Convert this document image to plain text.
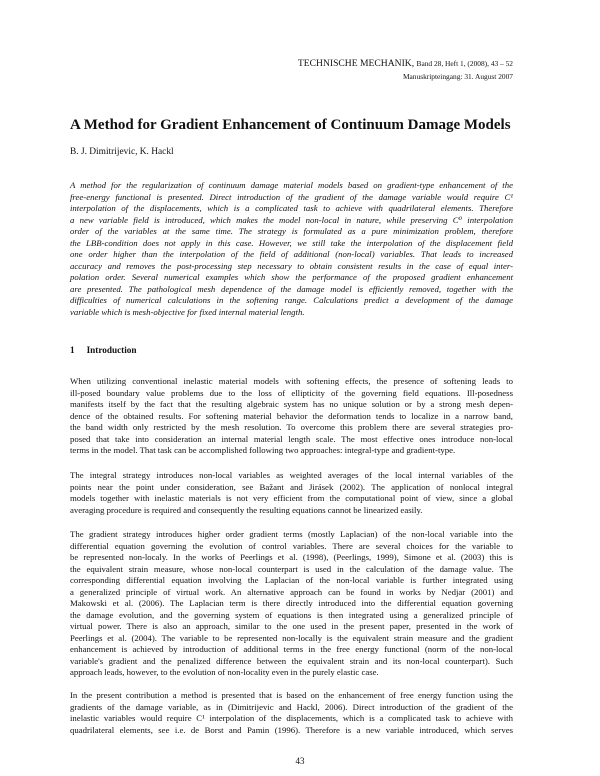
TECHNISCHE MECHANIK, Band 28, Heft 1, (2008), 43 – 52
Manuskripteingang: 31. August 2007
A Method for Gradient Enhancement of Continuum Damage Models
B. J. Dimitrijevic, K. Hackl
A method for the regularization of continuum damage material models based on gradient-type enhancement of the
free-energy functional is presented. Direct introduction of the gradient of the damage variable would require C¹
interpolation of the displacements, which is a complicated task to achieve with quadrilateral elements. Therefore
a new variable field is introduced, which makes the model non-local in nature, while preserving C⁰ interpolation
order of the variables at the same time. The strategy is formulated as a pure minimization problem, therefore
the LBB-condition does not apply in this case. However, we still take the interpolation of the displacement field
one order higher than the interpolation of the field of additional (non-local) variables. That leads to increased
accuracy and removes the post-processing step necessary to obtain consistent results in the case of equal inter-
polation order. Several numerical examples which show the performance of the proposed gradient enhancement
are presented. The pathological mesh dependence of the damage model is efficiently removed, together with the
difficulties of numerical calculations in the softening range. Calculations predict a development of the damage
variable which is mesh-objective for fixed internal material length.
1 Introduction
When utilizing conventional inelastic material models with softening effects, the presence of softening leads to
ill-posed boundary value problems due to the loss of ellipticity of the governing field equations. Ill-posedness
manifests itself by the fact that the resulting algebraic system has no unique solution or by a strong mesh depen-
dence of the obtained results. For softening material behavior the deformation tends to localize in a narrow band,
the band width only restricted by the mesh resolution. To overcome this problem there are several strategies pro-
posed that take into consideration an internal material length scale. The most effective ones introduce non-local
terms in the model. That task can be accomplished following two approaches: integral-type and gradient-type.
The integral strategy introduces non-local variables as weighted averages of the local internal variables of the
points near the point under consideration, see Bažant and Jirásek (2002). The application of nonlocal integral
models together with inelastic materials is not very efficient from the computational point of view, since a global
averaging procedure is required and consequently the resulting equations cannot be linearized easily.
The gradient strategy introduces higher order gradient terms (mostly Laplacian) of the non-local variable into the
differential equation governing the evolution of control variables. There are several choices for the variable to
be represented non-localy. In the works of Peerlings et al. (1998), (Peerlings, 1999), Simone et al. (2003) this is
the equivalent strain measure, whose non-local counterpart is used in the calculation of the damage value. The
corresponding differential equation involving the Laplacian of the non-local variable is further integrated using
a generalized principle of virtual work. An alternative approach can be found in works by Nedjar (2001) and
Makowski et al. (2006). The Laplacian term is there directly introduced into the differential equation governing
the damage evolution, and the governing system of equations is then integrated using a generalized principle of
virtual power. There is also an approach, similar to the one used in the present paper, presented in the work of
Peerlings et al. (2004). The variable to be represented non-locally is the equivalent strain measure and the gradient
enhancement is achieved by introduction of additional terms in the free energy functional (norm of the non-local
variable's gradient and the penalized difference between the equivalent strain and its non-local counterpart). Such
approach leads, however, to the evolution of non-locality even in the purely elastic case.
In the present contribution a method is presented that is based on the enhancement of free energy function using the
gradients of the damage variable, as in (Dimitrijevic and Hackl, 2006). Direct introduction of the gradient of the
inelastic variables would require C¹ interpolation of the displacements, which is a complicated task to achieve with
quadrilateral elements, see i.e. de Borst and Pamin (1996). Therefore is a new variable introduced, which serves
43
